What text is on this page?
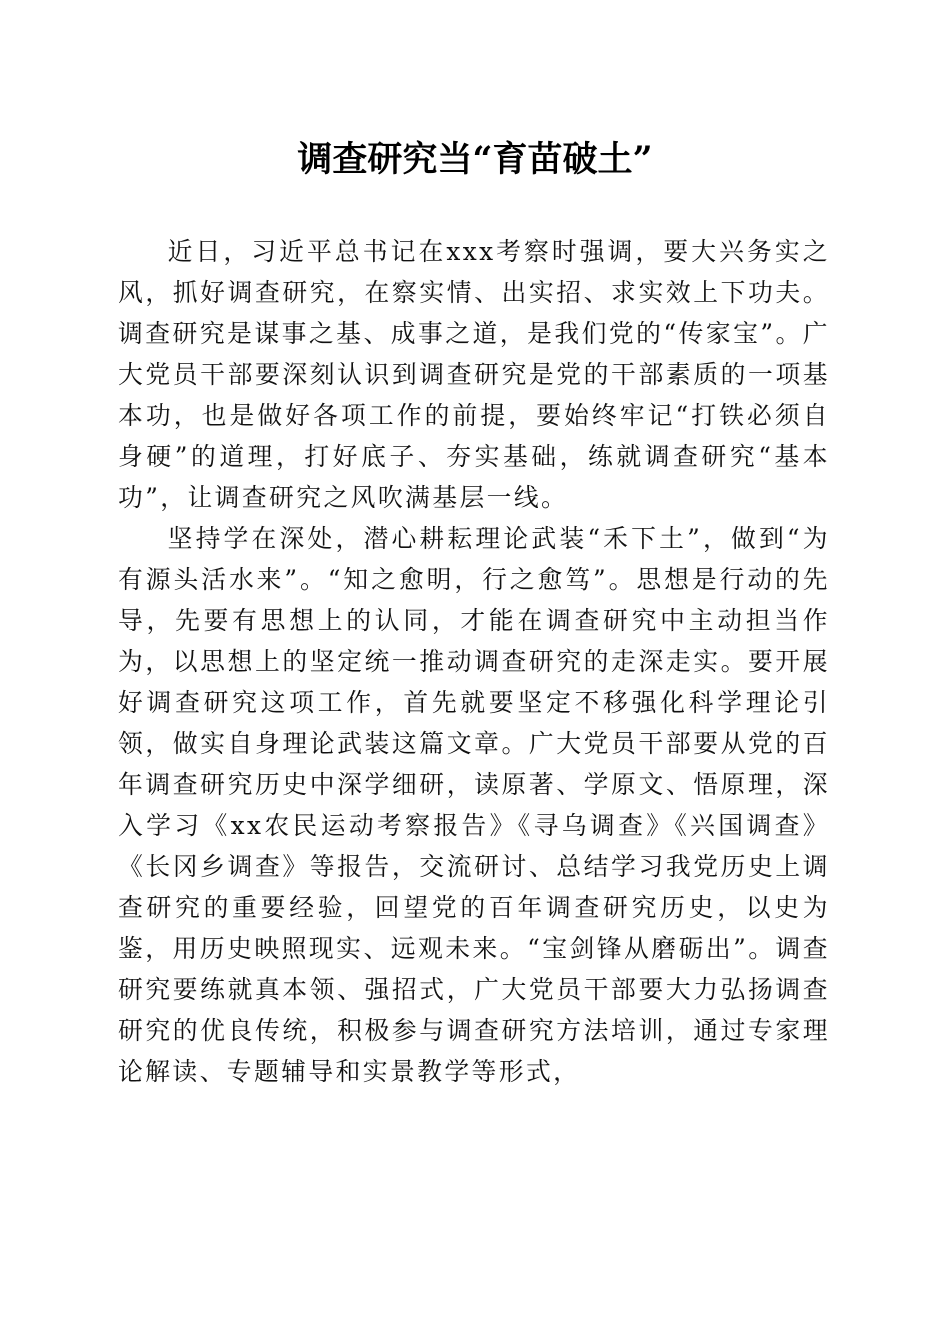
调查研究当“育苗破土”

近日，习近平总书记在xxx考察时强调，要大兴务实之风，抓好调查研究，在察实情、出实招、求实效上下功夫。调查研究是谋事之基、成事之道，是我们党的“传家宝”。广大党员干部要深刻认识到调查研究是党的干部素质的一项基本功，也是做好各项工作的前提，要始终牢记“打铁必须自身硬”的道理，打好底子、夯实基础，练就调查研究“基本功”，让调查研究之风吹满基层一线。

坚持学在深处，潜心耕耘理论武装“禾下土”，做到“为有源头活水来”。“知之愈明，行之愈笃”。思想是行动的先导，先要有思想上的认同，才能在调查研究中主动担当作为，以思想上的坚定统一推动调查研究的走深走实。要开展好调查研究这项工作，首先就要坚定不移强化科学理论引领，做实自身理论武装这篇文章。广大党员干部要从党的百年调查研究历史中深学细研，读原著、学原文、悟原理，深入学习《xx农民运动考察报告》《寻乌调查》《兴国调查》《长冈乡调查》等报告，交流研讨、总结学习我党历史上调查研究的重要经验，回望党的百年调查研究历史，以史为鉴，用历史映照现实、远观未来。“宝剑锋从磨砺出”。调查研究要练就真本领、强招式，广大党员干部要大力弘扬调查研究的优良传统，积极参与调查研究方法培训，通过专家理论解读、专题辅导和实景教学等形式，
